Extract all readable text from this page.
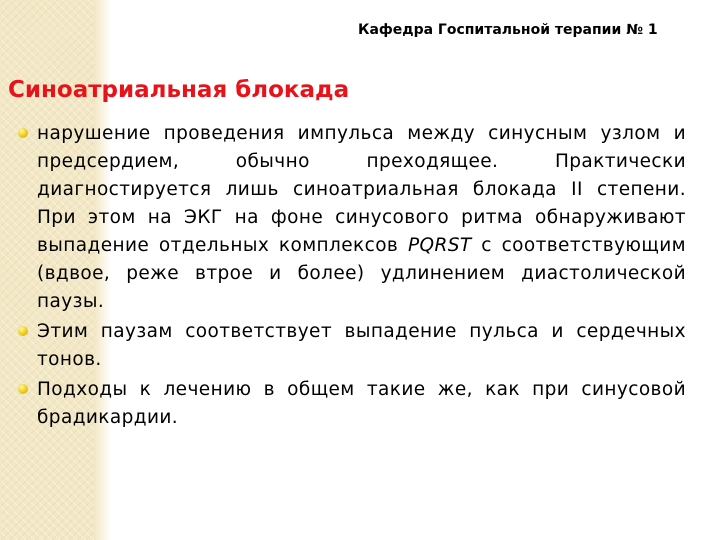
Кафедра Госпитальной терапии № 1
Синоатриальная блокада
нарушение проведения импульса между синусным узлом и предсердием, обычно преходящее. Практически диагностируется лишь синоатриальная блокада II степени. При этом на ЭКГ на фоне синусового ритма обнаруживают выпадение отдельных комплексов PQRST с соответствующим (вдвое, реже втрое и более) удлинением диастолической паузы.
Этим паузам соответствует выпадение пульса и сердечных тонов.
Подходы к лечению в общем такие же, как при синусовой брадикардии.
